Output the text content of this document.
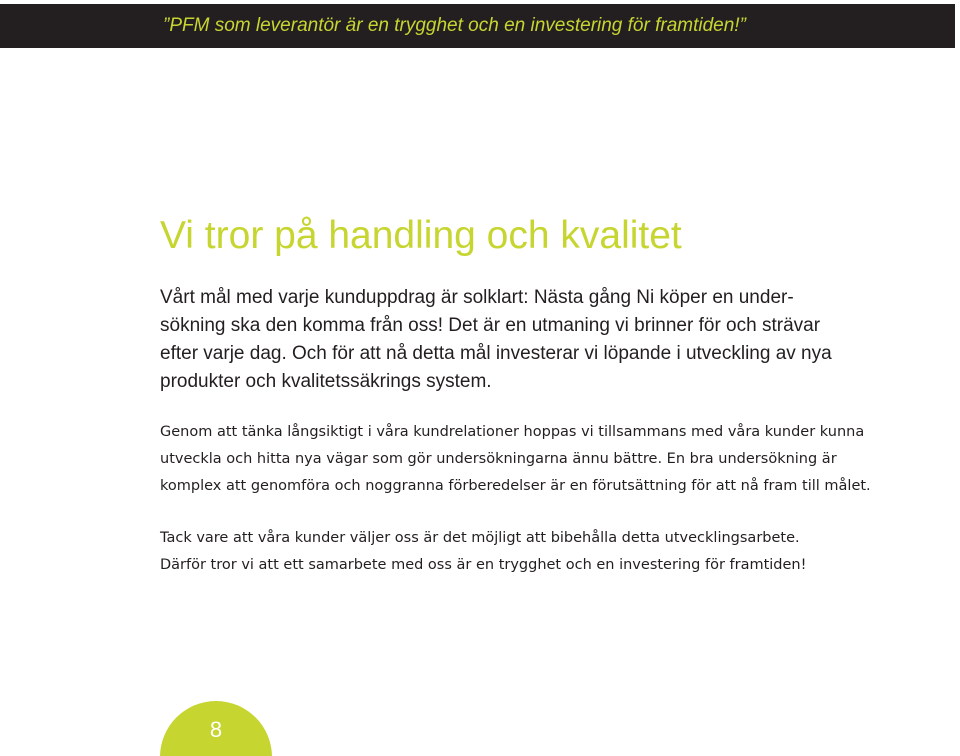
”PFM som leverantör är en trygghet och en investering för framtiden!”
Vi tror på handling och kvalitet

Vårt mål med varje kunduppdrag är solklart: Nästa gång Ni köper en under-
sökning ska den komma från oss! Det är en utmaning vi brinner för och strävar
efter varje dag. Och för att nå detta mål investerar vi löpande i utveckling av nya
produkter och kvalitetssäkrings system.

Genom att tänka långsiktigt i våra kundrelationer hoppas vi tillsammans med våra kunder kunna
utveckla och hitta nya vägar som gör undersökningarna ännu bättre. En bra undersökning är
komplex att genomföra och noggranna förberedelser är en förutsättning för att nå fram till målet.

Tack vare att våra kunder väljer oss är det möjligt att bibehålla detta utvecklingsarbete.
Därför tror vi att ett samarbete med oss är en trygghet och en investering för framtiden!

8
